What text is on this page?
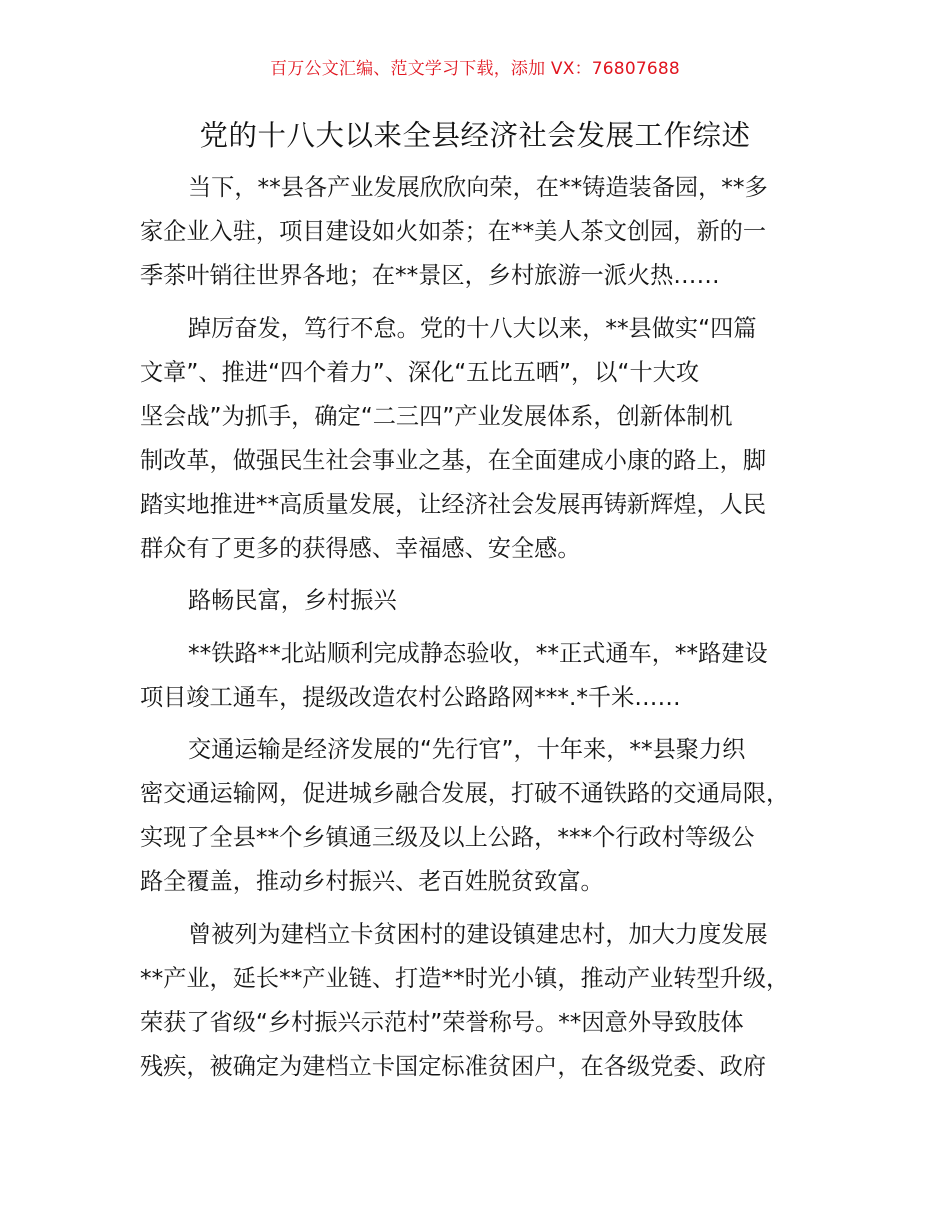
百万公文汇编、范文学习下载，添加 VX：76807688
党的十八大以来全县经济社会发展工作综述
当下，**县各产业发展欣欣向荣，在**铸造装备园，**多
家企业入驻，项目建设如火如荼；在**美人茶文创园，新的一
季茶叶销往世界各地；在**景区，乡村旅游一派火热……
踔厉奋发，笃行不怠。党的十八大以来，**县做实“四篇
文章”、推进“四个着力”、深化“五比五晒”，以“十大攻
坚会战”为抓手，确定“二三四”产业发展体系，创新体制机
制改革，做强民生社会事业之基，在全面建成小康的路上，脚
踏实地推进**高质量发展，让经济社会发展再铸新辉煌，人民
群众有了更多的获得感、幸福感、安全感。
路畅民富，乡村振兴
**铁路**北站顺利完成静态验收，**正式通车，**路建设
项目竣工通车，提级改造农村公路路网***.*千米……
交通运输是经济发展的“先行官”，十年来，**县聚力织
密交通运输网，促进城乡融合发展，打破不通铁路的交通局限，
实现了全县**个乡镇通三级及以上公路，***个行政村等级公
路全覆盖，推动乡村振兴、老百姓脱贫致富。
曾被列为建档立卡贫困村的建设镇建忠村，加大力度发展
**产业，延长**产业链、打造**时光小镇，推动产业转型升级，
荣获了省级“乡村振兴示范村”荣誉称号。**因意外导致肢体
残疾，被确定为建档立卡国定标准贫困户，在各级党委、政府
